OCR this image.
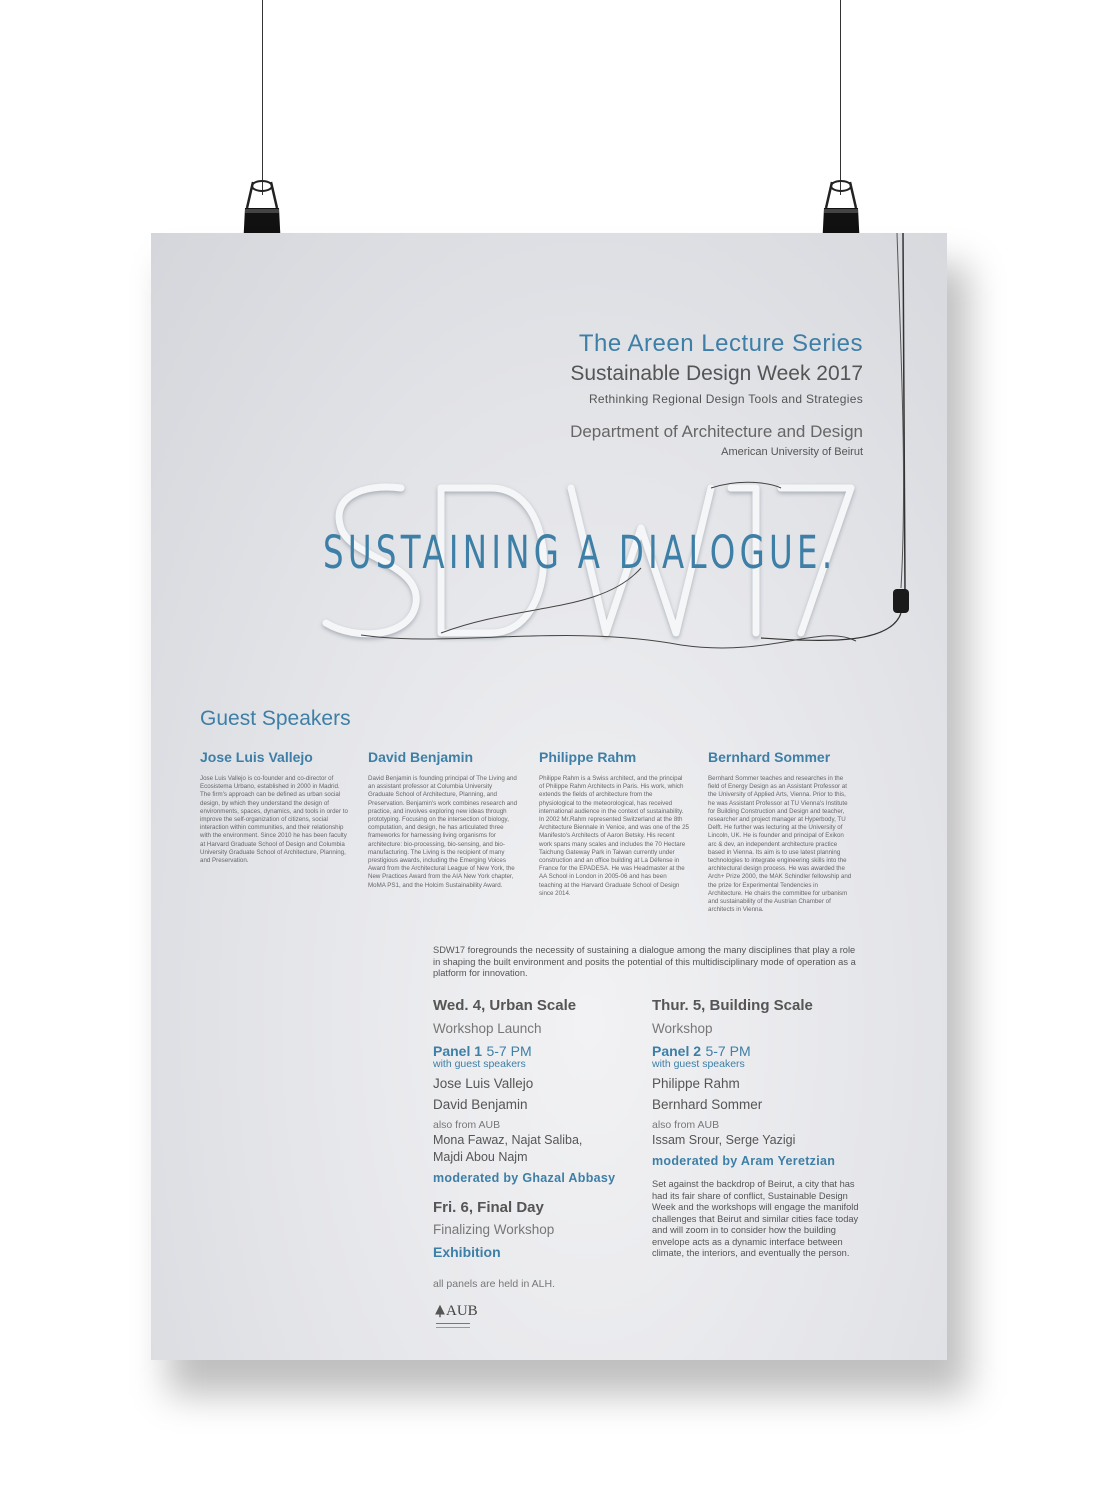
The Areen Lecture Series
Sustainable Design Week 2017
Rethinking Regional Design Tools and Strategies
Department of Architecture and Design
American University of Beirut
SUSTAINING A DIALOGUE.
Guest Speakers
Jose Luis Vallejo
Jose Luis Vallejo is co-founder and co-director of Ecosistema Urbano, established in 2000 in Madrid. The firm's approach can be defined as urban social design, by which they understand the design of environments, spaces, dynamics, and tools in order to improve the self-organization of citizens, social interaction within communities, and their relationship with the environment. Since 2010 he has been faculty at Harvard Graduate School of Design and Columbia University Graduate School of Architecture, Planning, and Preservation.
David Benjamin
David Benjamin is founding principal of The Living and an assistant professor at Columbia University Graduate School of Architecture, Planning, and Preservation. Benjamin's work combines research and practice, and involves exploring new ideas through prototyping. Focusing on the intersection of biology, computation, and design, he has articulated three frameworks for harnessing living organisms for architecture: bio-processing, bio-sensing, and bio-manufacturing. The Living is the recipient of many prestigious awards, including the Emerging Voices Award from the Architectural League of New York, the New Practices Award from the AIA New York chapter, MoMA PS1, and the Holcim Sustainability Award.
Philippe Rahm
Philippe Rahm is a Swiss architect, and the principal of Philippe Rahm Architects in Paris. His work, which extends the fields of architecture from the physiological to the meteorological, has received international audience in the context of sustainability. In 2002 Mr.Rahm represented Switzerland at the 8th Architecture Biennale in Venice, and was one of the 25 Manifesto's Architects of Aaron Betsky. His recent work spans many scales and includes the 70 Hectare Taichung Gateway Park in Taiwan currently under construction and an office building at La Défense in France for the EPADESA. He was Headmaster at the AA School in London in 2005-06 and has been teaching at the Harvard Graduate School of Design since 2014.
Bernhard Sommer
Bernhard Sommer teaches and researches in the field of Energy Design as an Assistant Professor at the University of Applied Arts, Vienna. Prior to this, he was Assistant Professor at TU Vienna's Institute for Building Construction and Design and teacher, researcher and project manager at Hyperbody, TU Delft. He further was lecturing at the University of Lincoln, UK. He is founder and principal of Exikon arc & dev, an independent architecture practice based in Vienna. Its aim is to use latest planning technologies to integrate engineering skills into the architectural design process. He was awarded the Arch+ Prize 2000, the MAK Schindler fellowship and the prize for Experimental Tendencies in Architecture. He chairs the committee for urbanism and sustainability of the Austrian Chamber of architects in Vienna.
SDW17 foregrounds the necessity of sustaining a dialogue among the many disciplines that play a role in shaping the built environment and posits the potential of this multidisciplinary mode of operation as a platform for innovation.
Wed. 4, Urban Scale
Workshop Launch
Panel 1 5-7 PM
with guest speakers
Jose Luis Vallejo
David Benjamin
also from AUB
Mona Fawaz, Najat Saliba,
Majdi Abou Najm
moderated by Ghazal Abbasy
Fri. 6, Final Day
Finalizing Workshop
Exhibition
all panels are held in ALH.
Thur. 5, Building Scale
Workshop
Panel 2 5-7 PM
with guest speakers
Philippe Rahm
Bernhard Sommer
also from AUB
Issam Srour, Serge Yazigi
moderated by Aram Yeretzian
Set against the backdrop of Beirut, a city that has had its fair share of conflict, Sustainable Design Week and the workshops will engage the manifold challenges that Beirut and similar cities face today and will zoom in to consider how the building envelope acts as a dynamic interface between climate, the interiors, and eventually the person.
AUB
